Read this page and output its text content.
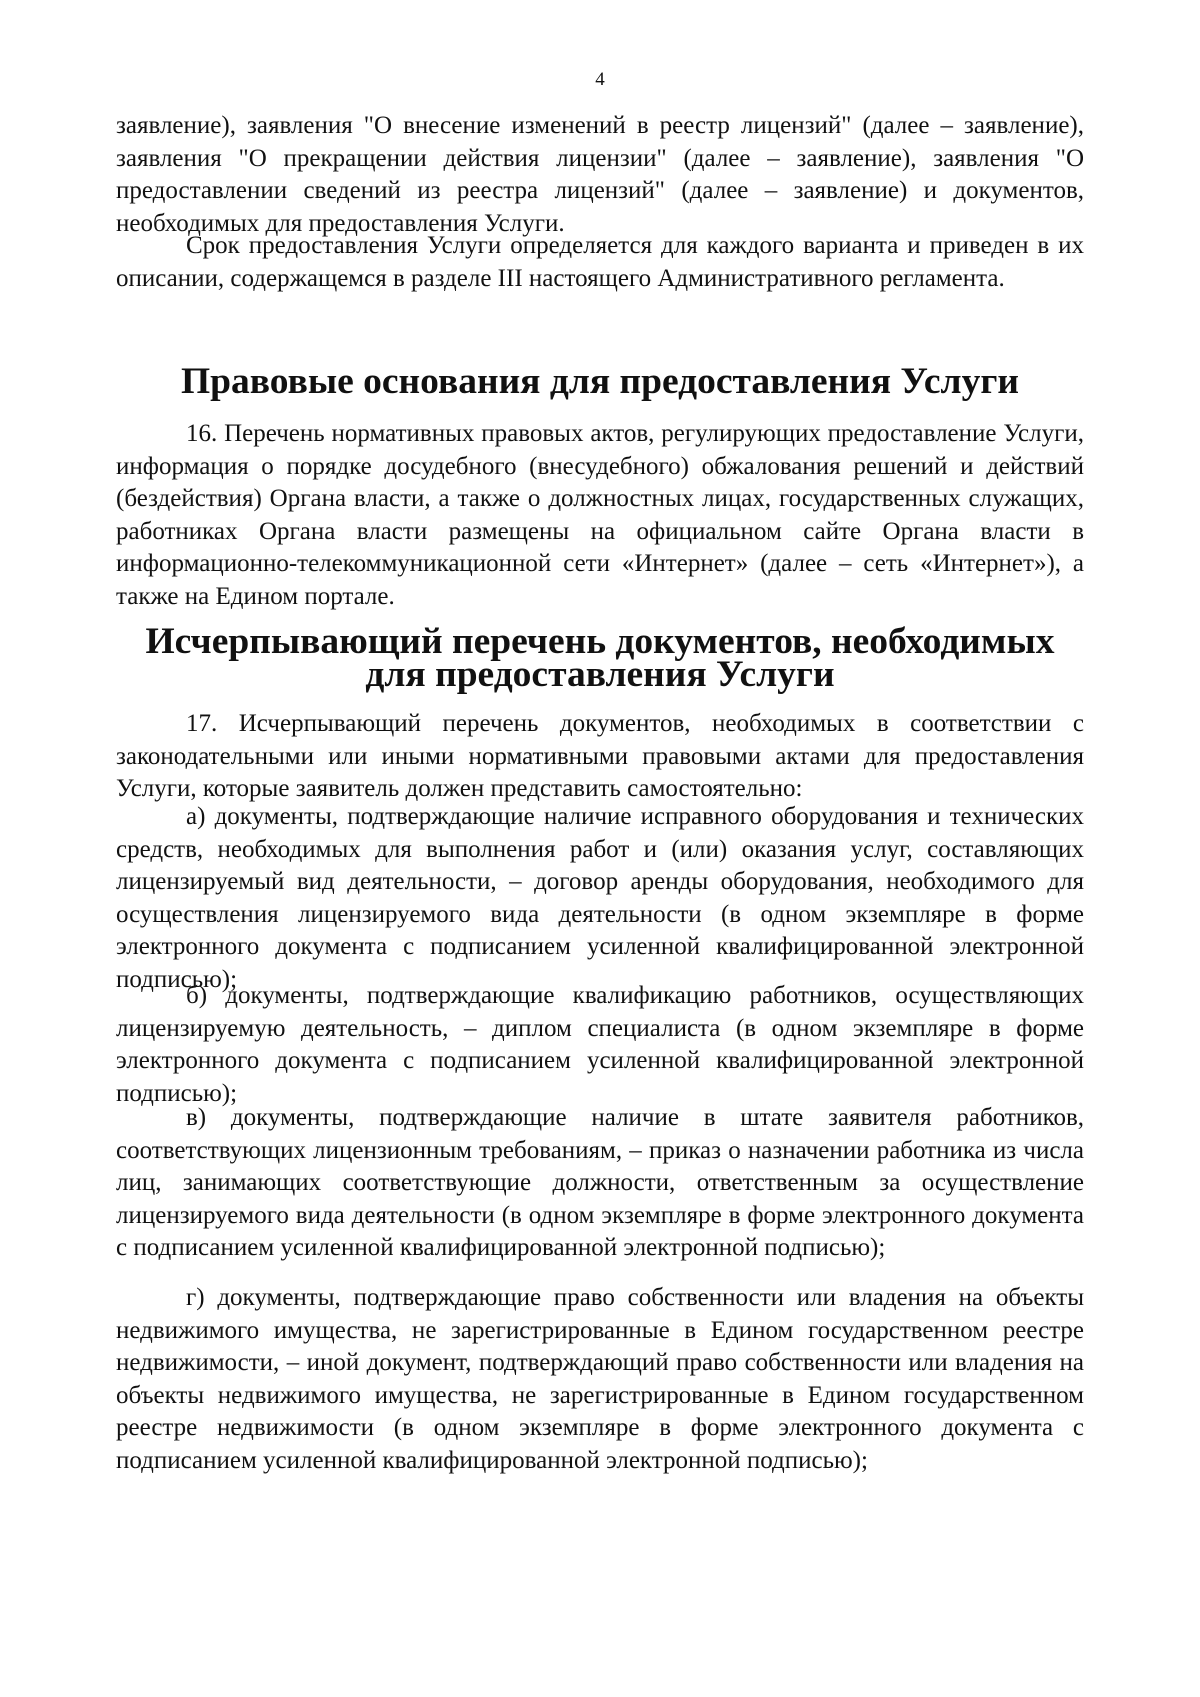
4

заявление), заявления "О внесение изменений в реестр лицензий" (далее – заявление), заявления "О прекращении действия лицензии" (далее – заявление), заявления "О предоставлении сведений из реестра лицензий" (далее – заявление) и документов, необходимых для предоставления Услуги.

Срок предоставления Услуги определяется для каждого варианта и приведен в их описании, содержащемся в разделе III настоящего Административного регламента.

Правовые основания для предоставления Услуги

16. Перечень нормативных правовых актов, регулирующих предоставление Услуги, информация о порядке досудебного (внесудебного) обжалования решений и действий (бездействия) Органа власти, а также о должностных лицах, государственных служащих, работниках Органа власти размещены на официальном сайте Органа власти в информационно-телекоммуникационной сети «Интернет» (далее – сеть «Интернет»), а также на Едином портале.

Исчерпывающий перечень документов, необходимых для предоставления Услуги

17. Исчерпывающий перечень документов, необходимых в соответствии с законодательными или иными нормативными правовыми актами для предоставления Услуги, которые заявитель должен представить самостоятельно:

а) документы, подтверждающие наличие исправного оборудования и технических средств, необходимых для выполнения работ и (или) оказания услуг, составляющих лицензируемый вид деятельности, – договор аренды оборудования, необходимого для осуществления лицензируемого вида деятельности (в одном экземпляре в форме электронного документа с подписанием усиленной квалифицированной электронной подписью);

б) документы, подтверждающие квалификацию работников, осуществляющих лицензируемую деятельность, – диплом специалиста (в одном экземпляре в форме электронного документа с подписанием усиленной квалифицированной электронной подписью);

в) документы, подтверждающие наличие в штате заявителя работников, соответствующих лицензионным требованиям, – приказ о назначении работника из числа лиц, занимающих соответствующие должности, ответственным за осуществление лицензируемого вида деятельности (в одном экземпляре в форме электронного документа с подписанием усиленной квалифицированной электронной подписью);

г) документы, подтверждающие право собственности или владения на объекты недвижимого имущества, не зарегистрированные в Едином государственном реестре недвижимости, – иной документ, подтверждающий право собственности или владения на объекты недвижимого имущества, не зарегистрированные в Едином государственном реестре недвижимости (в одном экземпляре в форме электронного документа с подписанием усиленной квалифицированной электронной подписью);
